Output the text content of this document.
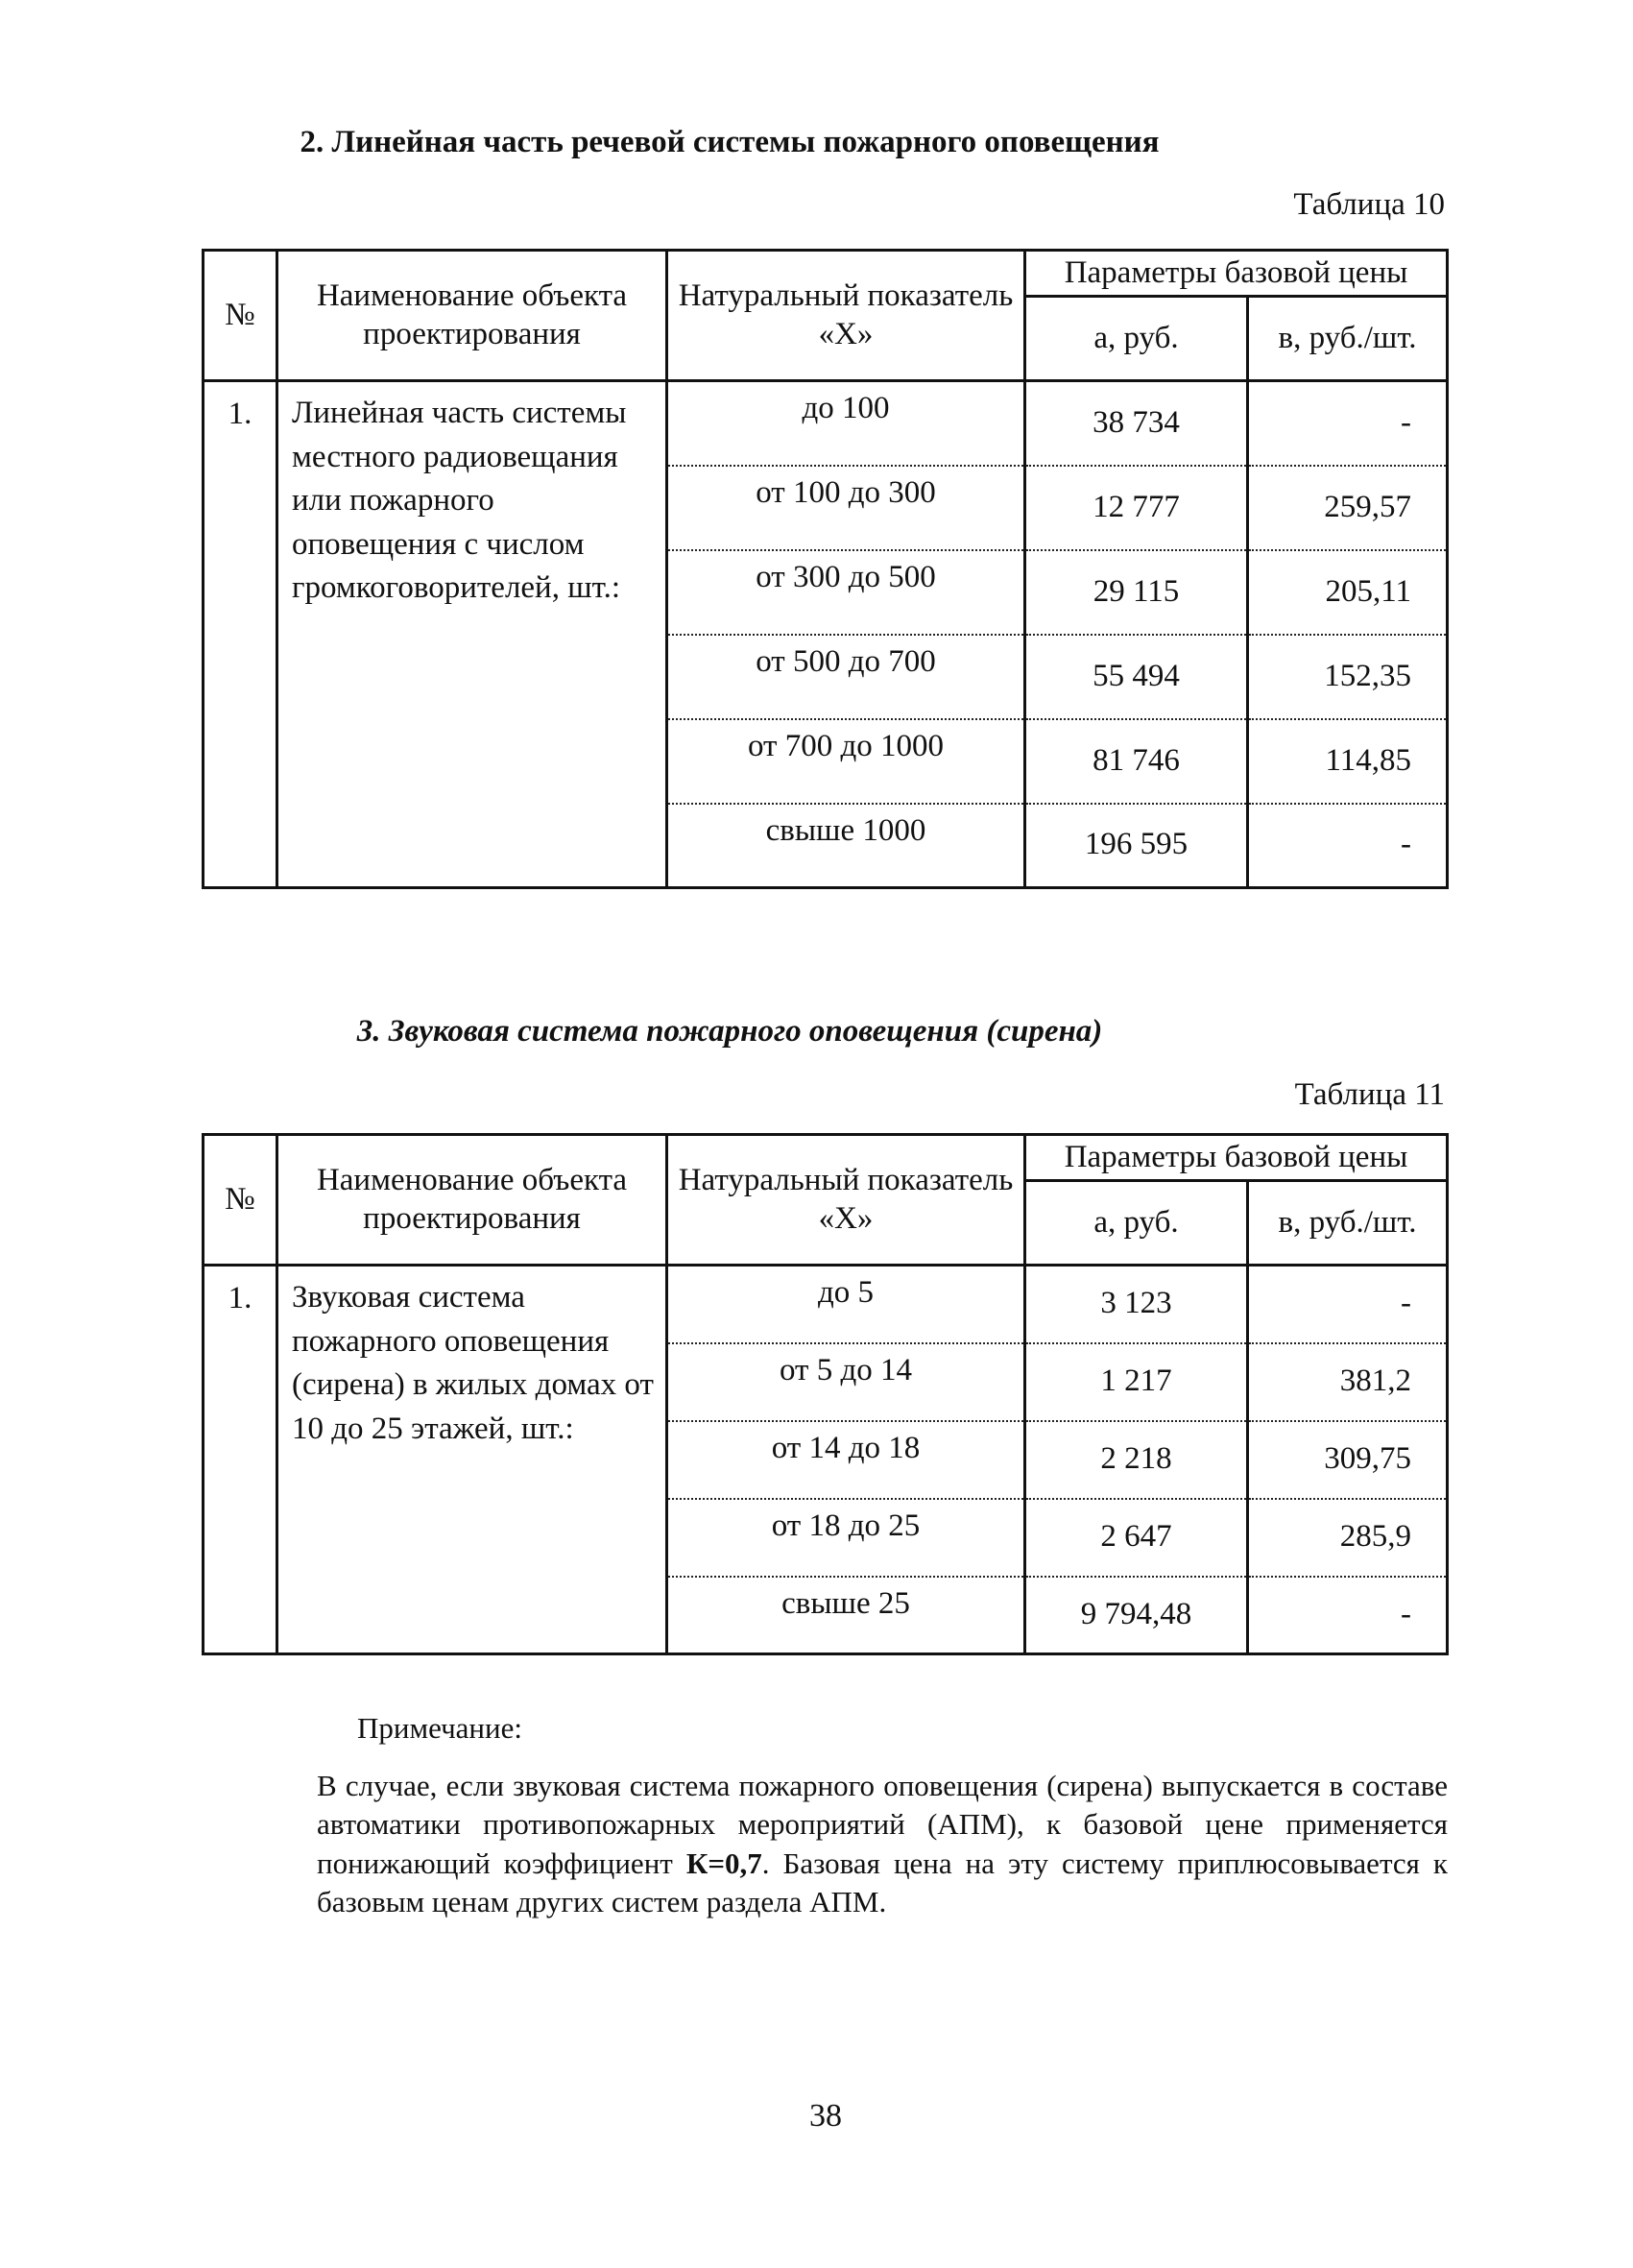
2. Линейная часть речевой системы пожарного оповещения
Таблица 10
№	Наименование объекта проектирования	Натуральный показатель «X»	Параметры базовой цены	
			а, руб.	в, руб./шт.
1.	Линейная часть системы местного радиовещания или пожарного оповещения с числом громкоговорителей, шт.:	до 100	38 734	-
		от 100 до 300	12 777	259,57
		от 300 до 500	29 115	205,11
		от 500 до 700	55 494	152,35
		от 700 до 1000	81 746	114,85
		свыше 1000	196 595	-
3. Звуковая система пожарного оповещения (сирена)
Таблица 11
№	Наименование объекта проектирования	Натуральный показатель «X»	Параметры базовой цены	
			а, руб.	в, руб./шт.
1.	Звуковая система пожарного оповещения (сирена) в жилых домах от 10 до 25 этажей, шт.:	до 5	3 123	-
		от 5 до 14	1 217	381,2
		от 14 до 18	2 218	309,75
		от 18 до 25	2 647	285,9
		свыше 25	9 794,48	-
Примечание:
В случае, если звуковая система пожарного оповещения (сирена) выпускается в составе автоматики противопожарных мероприятий (АПМ), к базовой цене применяется понижающий коэффициент К=0,7. Базовая цена на эту систему приплюсовывается к базовым ценам других систем раздела АПМ.
38
